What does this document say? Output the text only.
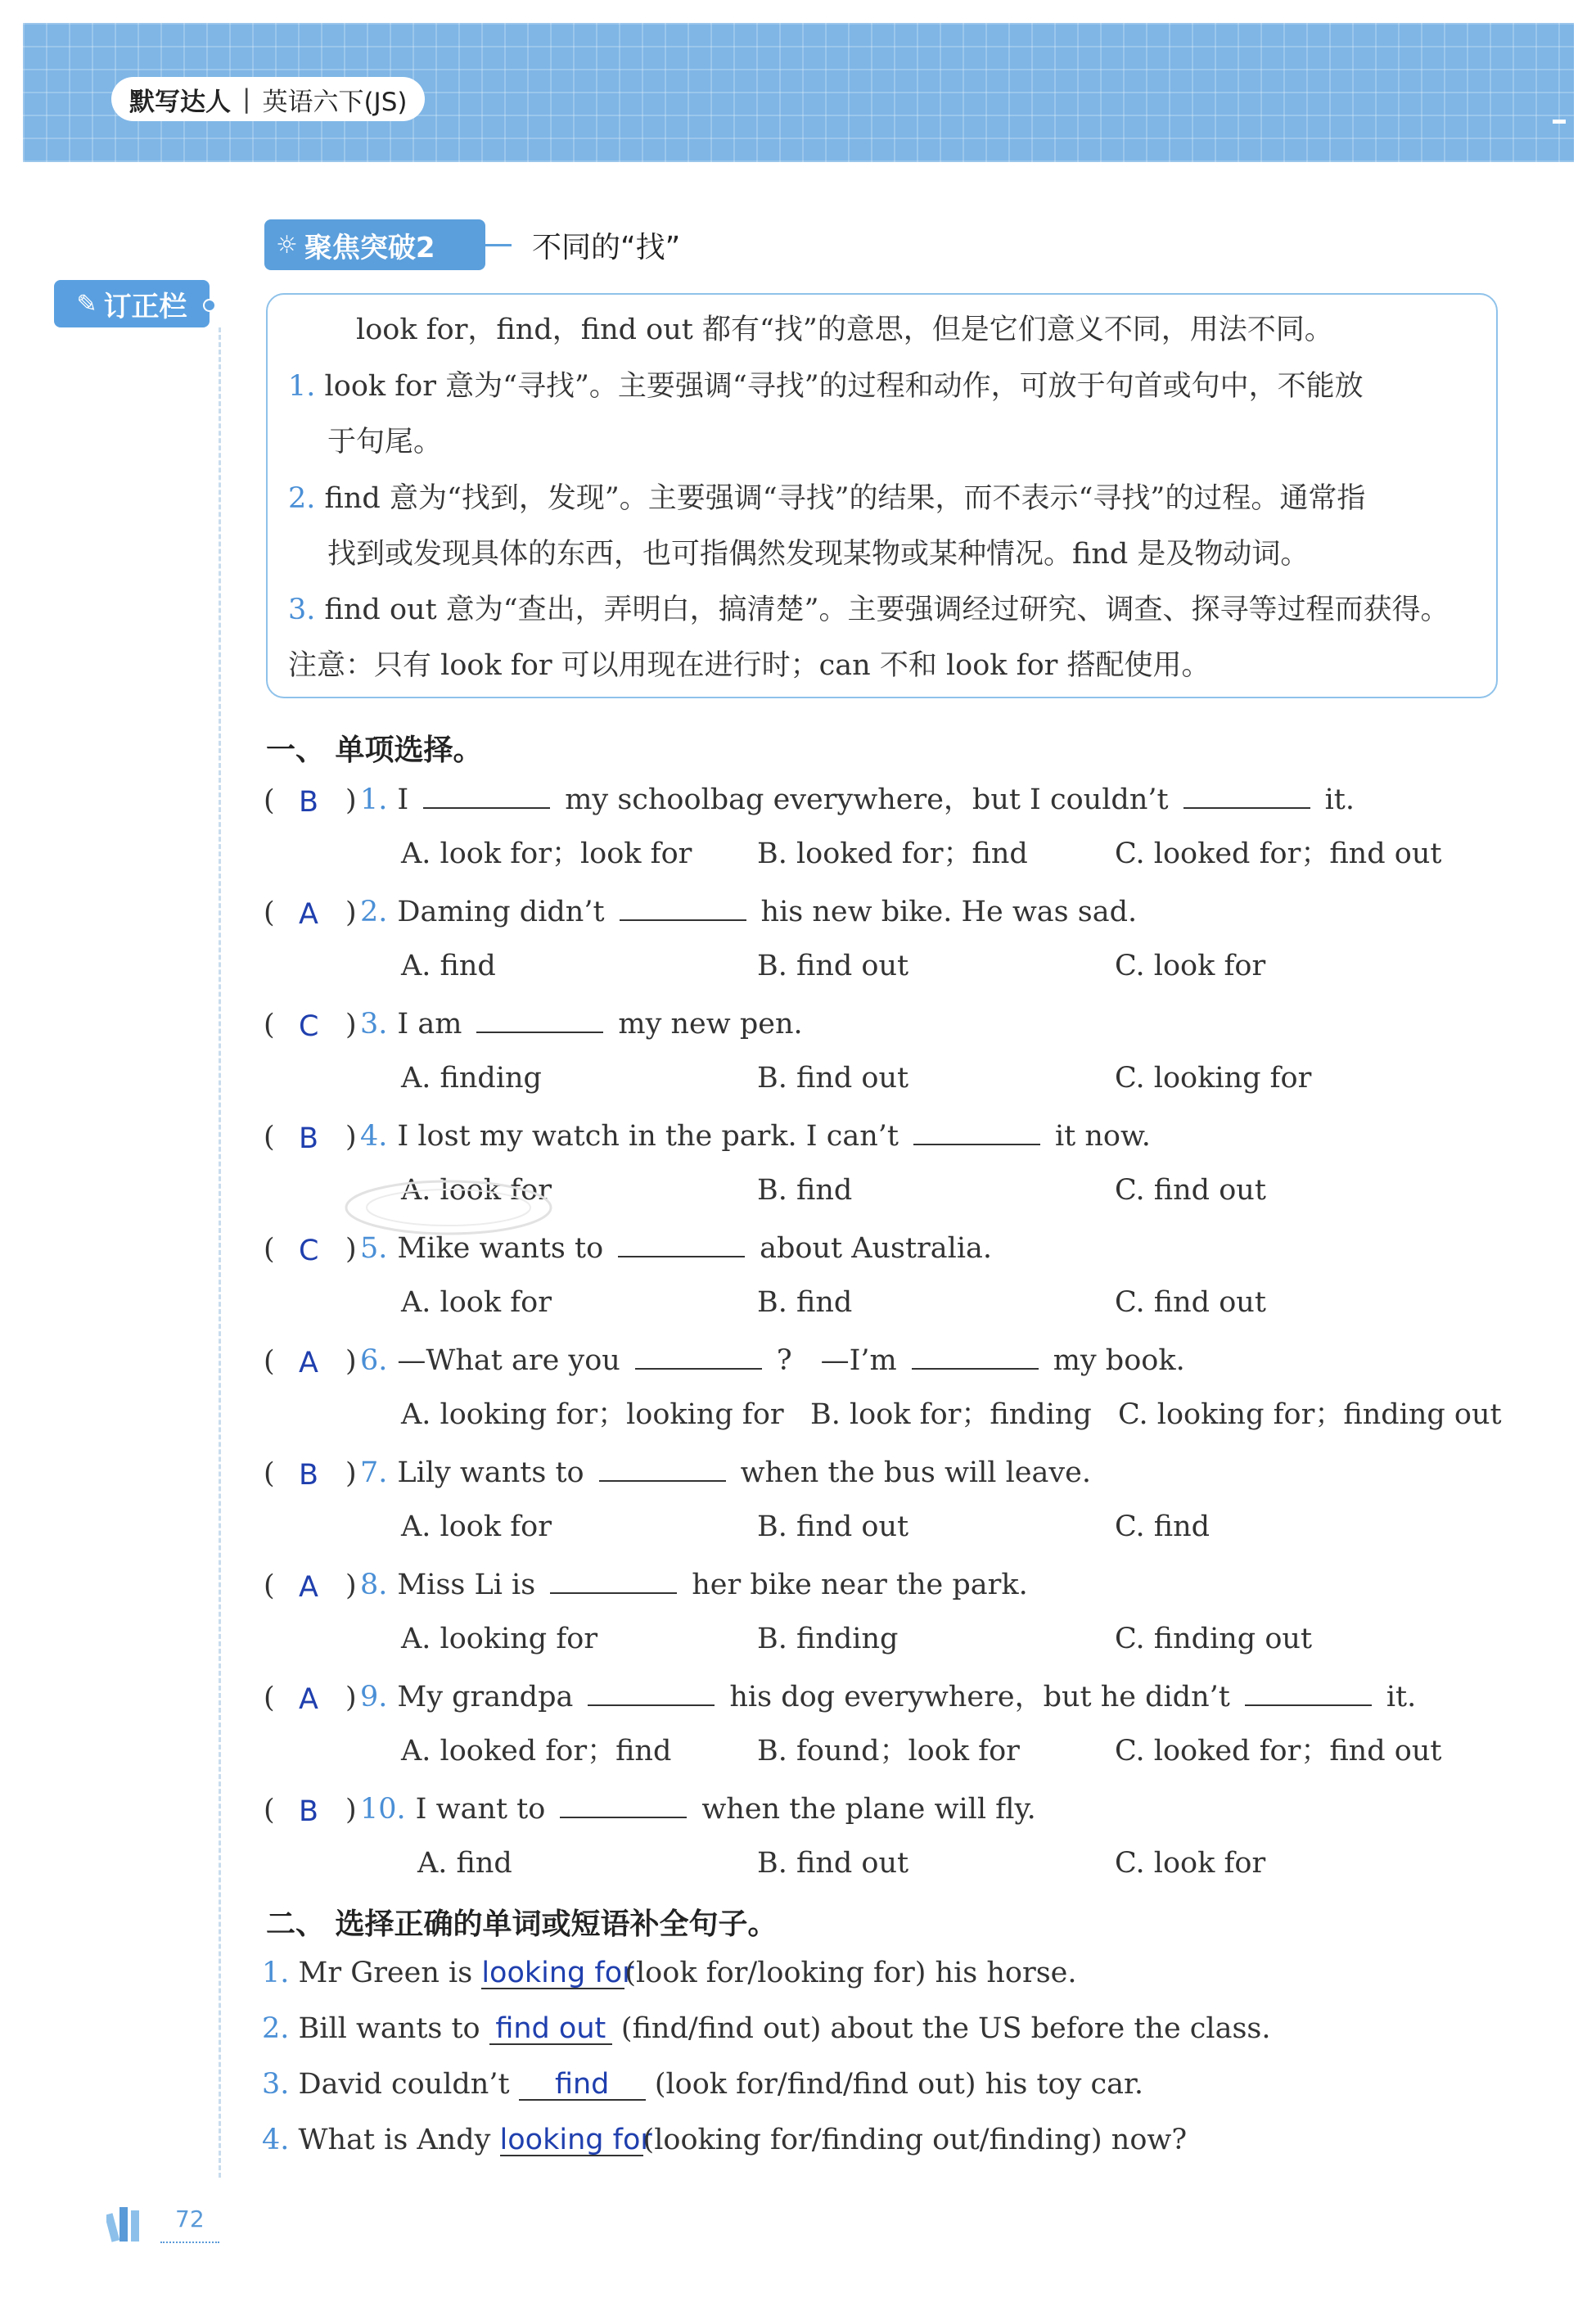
默写达人 | 英语六下(JS)
✎ 订正栏
☼ 聚焦突破2	不同的“找”
look for，find，find out 都有“找”的意思，但是它们意义不同，用法不同。
1. look for 意为“寻找”。主要强调“寻找”的过程和动作，可放于句首或句中，不能放
于句尾。
2. find 意为“找到，发现”。主要强调“寻找”的结果，而不表示“寻找”的过程。通常指
找到或发现具体的东西，也可指偶然发现某物或某种情况。find 是及物动词。
3. find out 意为“查出，弄明白，搞清楚”。主要强调经过研究、调查、探寻等过程而获得。
注意：只有 look for 可以用现在进行时；can 不和 look for 搭配使用。
一、 单项选择。
( B ) 1. I	my schoolbag everywhere，but I couldn’t	it.
A. look for；look for B. looked for；find	C. looked for；find out
( A ) 2. Daming didn’t	his new bike. He was sad.
A. find	B. find out	C. look for
( C ) 3. I am	my new pen.
A. finding	B. find out	C. looking for
( B ) 4. I lost my watch in the park. I can’t	it now.
A. look for	B. find	C. find out
( C ) 5. Mike wants to	about Australia.
A. look for	B. find	C. find out
( A ) 6. —What are you	?　—I’m	my book.
A. looking for；looking for B. look for；finding C. looking for；finding out
( B ) 7. Lily wants to	when the bus will leave.
A. look for	B. find out	C. find
( A ) 8. Miss Li is	her bike near the park.
A. looking for	B. finding	C. finding out
( A ) 9. My grandpa	his dog everywhere，but he didn’t	it.
A. looked for；find	B. found；look for	C. looked for；find out
( B ) 10. I want to	when the plane will fly.
A. find	B. find out	C. look for
二、 选择正确的单词或短语补全句子。
1. Mr Green is looking for(look for/looking for) his horse.
2. Bill wants to find out (find/find out) about the US before the class.
3. David couldn’t find (look for/find/find out) his toy car.
4. What is Andy looking for(looking for/finding out/finding) now?
72
